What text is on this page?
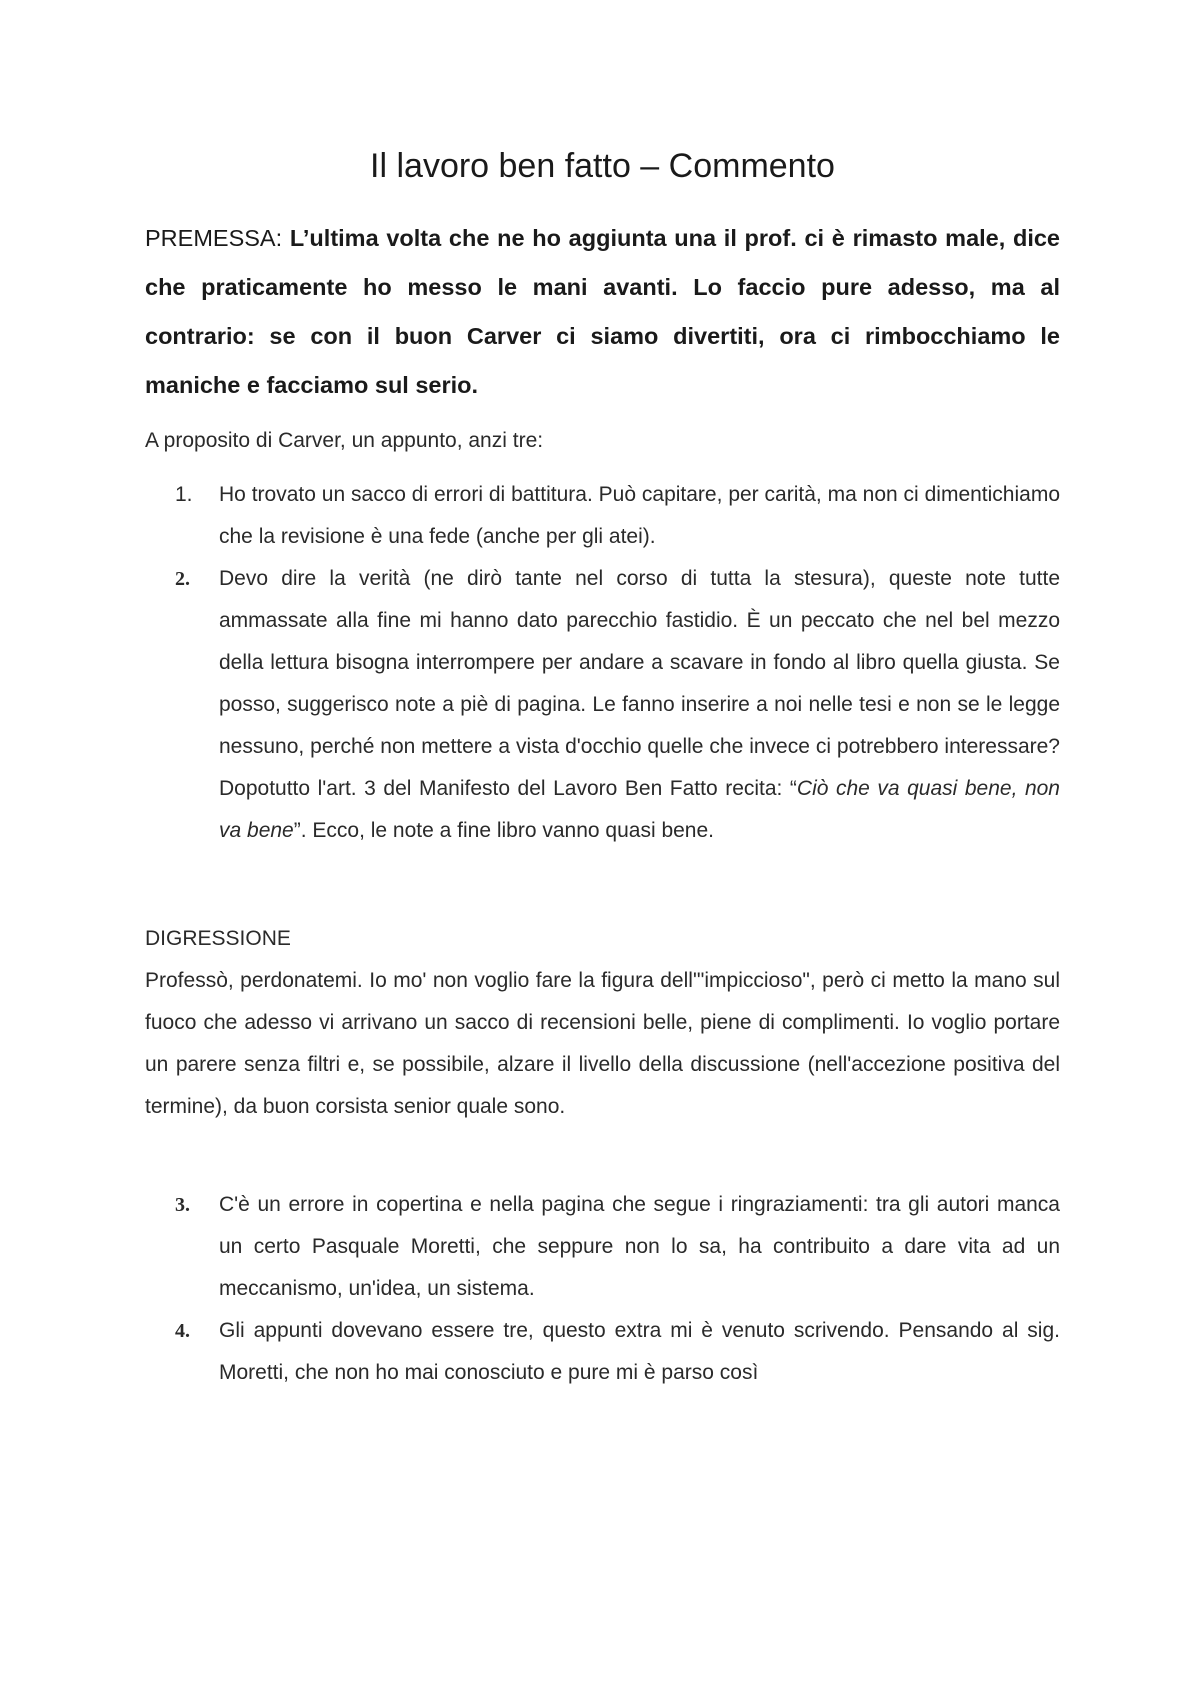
Il lavoro ben fatto – Commento

PREMESSA: L’ultima volta che ne ho aggiunta una il prof. ci è rimasto male, dice che praticamente ho messo le mani avanti. Lo faccio pure adesso, ma al contrario: se con il buon Carver ci siamo divertiti, ora ci rimbocchiamo le maniche e facciamo sul serio.

A proposito di Carver, un appunto, anzi tre:

1. Ho trovato un sacco di errori di battitura. Può capitare, per carità, ma non ci dimentichiamo che la revisione è una fede (anche per gli atei).
2. Devo dire la verità (ne dirò tante nel corso di tutta la stesura), queste note tutte ammassate alla fine mi hanno dato parecchio fastidio. È un peccato che nel bel mezzo della lettura bisogna interrompere per andare a scavare in fondo al libro quella giusta. Se posso, suggerisco note a piè di pagina. Le fanno inserire a noi nelle tesi e non se le legge nessuno, perché non mettere a vista d'occhio quelle che invece ci potrebbero interessare? Dopotutto l'art. 3 del Manifesto del Lavoro Ben Fatto recita: “Ciò che va quasi bene, non va bene”. Ecco, le note a fine libro vanno quasi bene.

DIGRESSIONE

Professò, perdonatemi. Io mo' non voglio fare la figura dell'"impiccioso", però ci metto la mano sul fuoco che adesso vi arrivano un sacco di recensioni belle, piene di complimenti. Io voglio portare un parere senza filtri e, se possibile, alzare il livello della discussione (nell'accezione positiva del termine), da buon corsista senior quale sono.

3. C'è un errore in copertina e nella pagina che segue i ringraziamenti: tra gli autori manca un certo Pasquale Moretti, che seppure non lo sa, ha contribuito a dare vita ad un meccanismo, un'idea, un sistema.
4. Gli appunti dovevano essere tre, questo extra mi è venuto scrivendo. Pensando al sig. Moretti, che non ho mai conosciuto e pure mi è parso così
